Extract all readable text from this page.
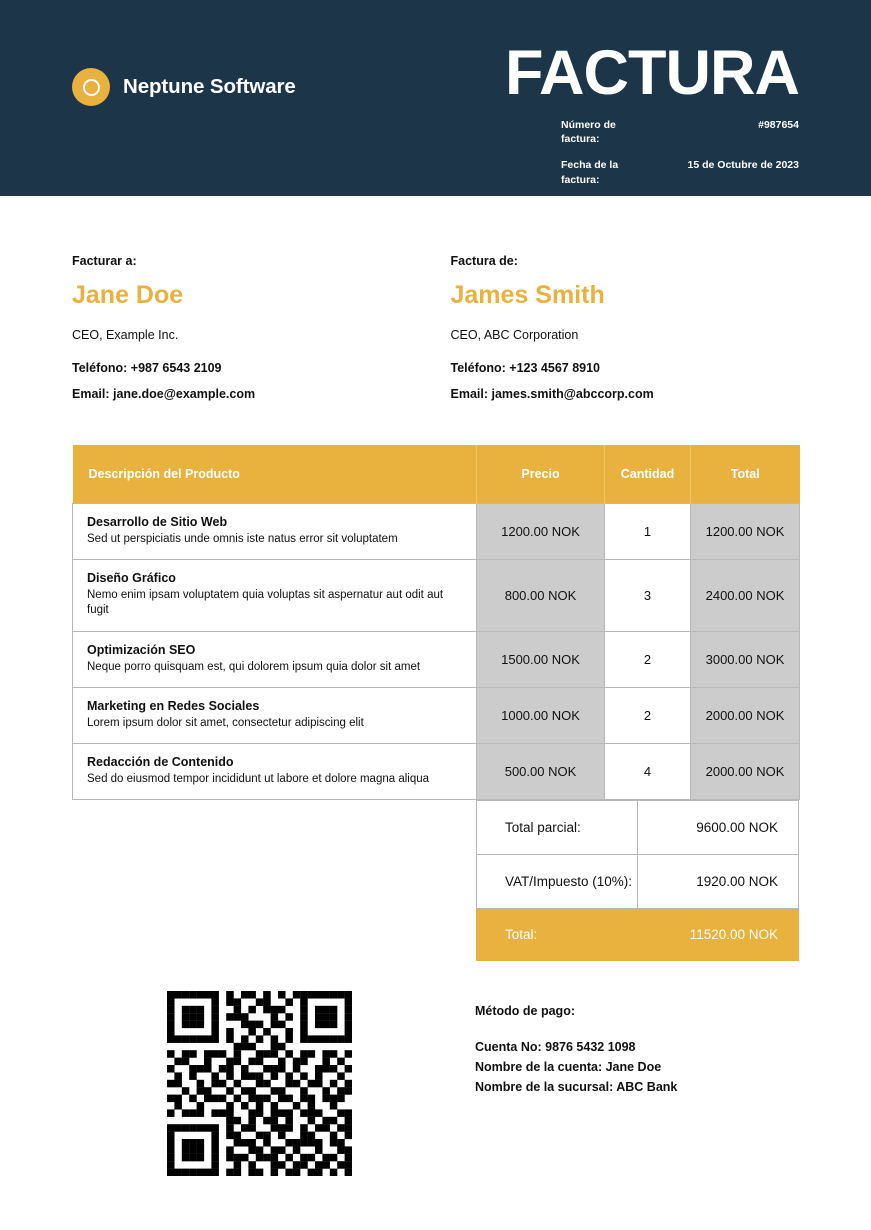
Neptune Software	FACTURA
Número de factura:
#987654
Fecha de la factura:
15 de Octubre de 2023
Facturar a:
Jane Doe
CEO, Example Inc.
Teléfono: +987 6543 2109
Email: jane.doe@example.com
Factura de:
James Smith
CEO, ABC Corporation
Teléfono: +123 4567 8910
Email: james.smith@abccorp.com
Descripción del Producto	Precio	Cantidad	Total

Desarrollo de Sitio Web
Sed ut perspiciatis unde omnis iste natus error sit voluptatem	1200.00 NOK	1	1200.00 NOK

Diseño Gráfico
Nemo enim ipsam voluptatem quia voluptas sit aspernatur aut odit aut fugit	800.00 NOK	3	2400.00 NOK

Optimización SEO
Neque porro quisquam est, qui dolorem ipsum quia dolor sit amet	1500.00 NOK	2	3000.00 NOK

Marketing en Redes Sociales
Lorem ipsum dolor sit amet, consectetur adipiscing elit	1000.00 NOK	2	2000.00 NOK

Redacción de Contenido
Sed do eiusmod tempor incididunt ut labore et dolore magna aliqua	500.00 NOK	4	2000.00 NOK
Total parcial:	9600.00 NOK
VAT/Impuesto (10%):	1920.00 NOK
Total:	11520.00 NOK
Método de pago:
Cuenta No: 9876 5432 1098
Nombre de la cuenta: Jane Doe
Nombre de la sucursal: ABC Bank
